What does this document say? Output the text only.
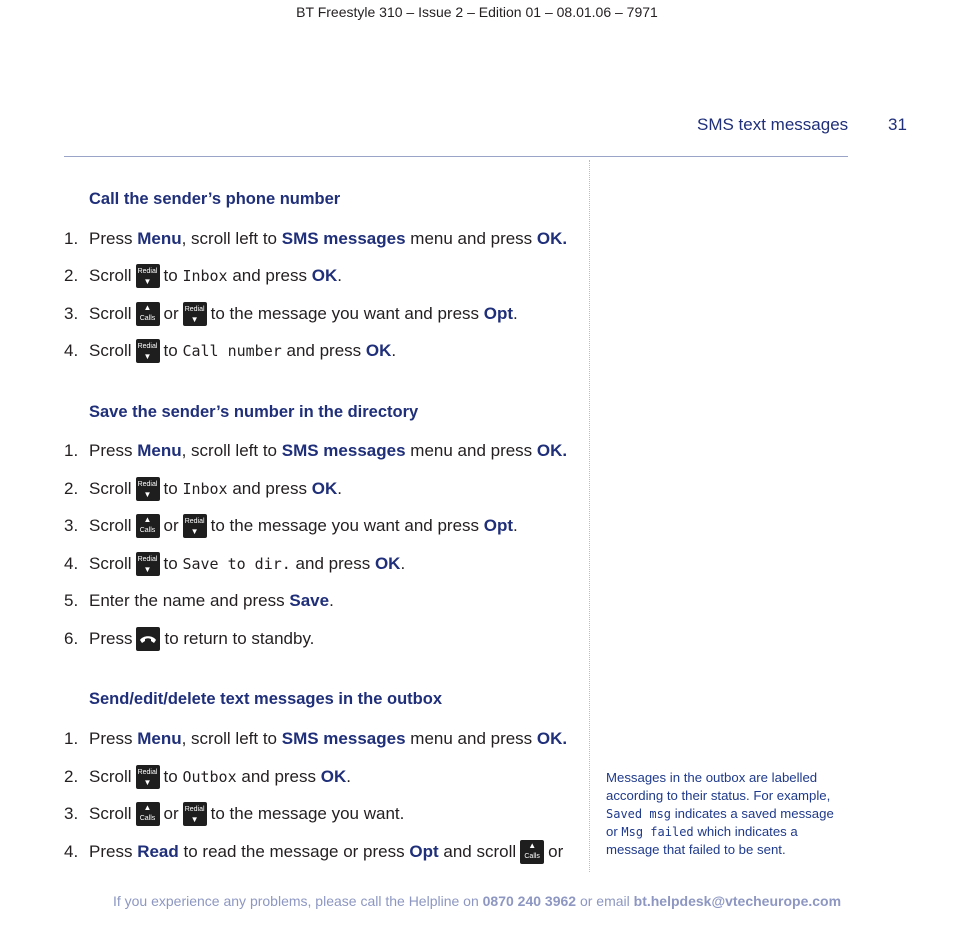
BT Freestyle 310 – Issue 2 – Edition 01 – 08.01.06 – 7971
SMS text messages 31
Call the sender’s phone number
1. Press
Menu , scroll left to
SMS messages
menu and press
OK.
2. Scroll Redial
▼ to
Inbox
and press
OK .
3. Scroll	▲
Calls or Redial
▼ to the message you want and press
Opt .
4. Scroll Redial
▼ to
Call number
and press
OK .
Save the sender’s number in the directory
1. Press
Menu , scroll left to
SMS messages
menu and press
OK.
2. Scroll Redial
▼ to
Inbox
and press
OK .
3. Scroll	▲
Calls or Redial
▼ to the message you want and press
Opt .
4. Scroll Redial
▼ to
Save to dir.
and press
OK .
5. Enter the name and press
Save .
6. Press to return to standby.
Send/edit/delete text messages in the outbox
1. Press
Menu , scroll left to
SMS messages
menu and press
OK.
2. Scroll Redial
▼ to
Outbox
and press
OK .
3. Scroll	▲
Calls or Redial
▼ to the message you want.
4. Press
Read
to read the message or press
Opt
and scroll	▲
Calls or
Messages in the outbox are labelled according to their status. For example, Saved msg indicates a saved message or Msg failed which indicates a message that failed to be sent.
If you experience any problems, please call the Helpline on 0870 240 3962 or email bt.helpdesk@vtecheurope.com
